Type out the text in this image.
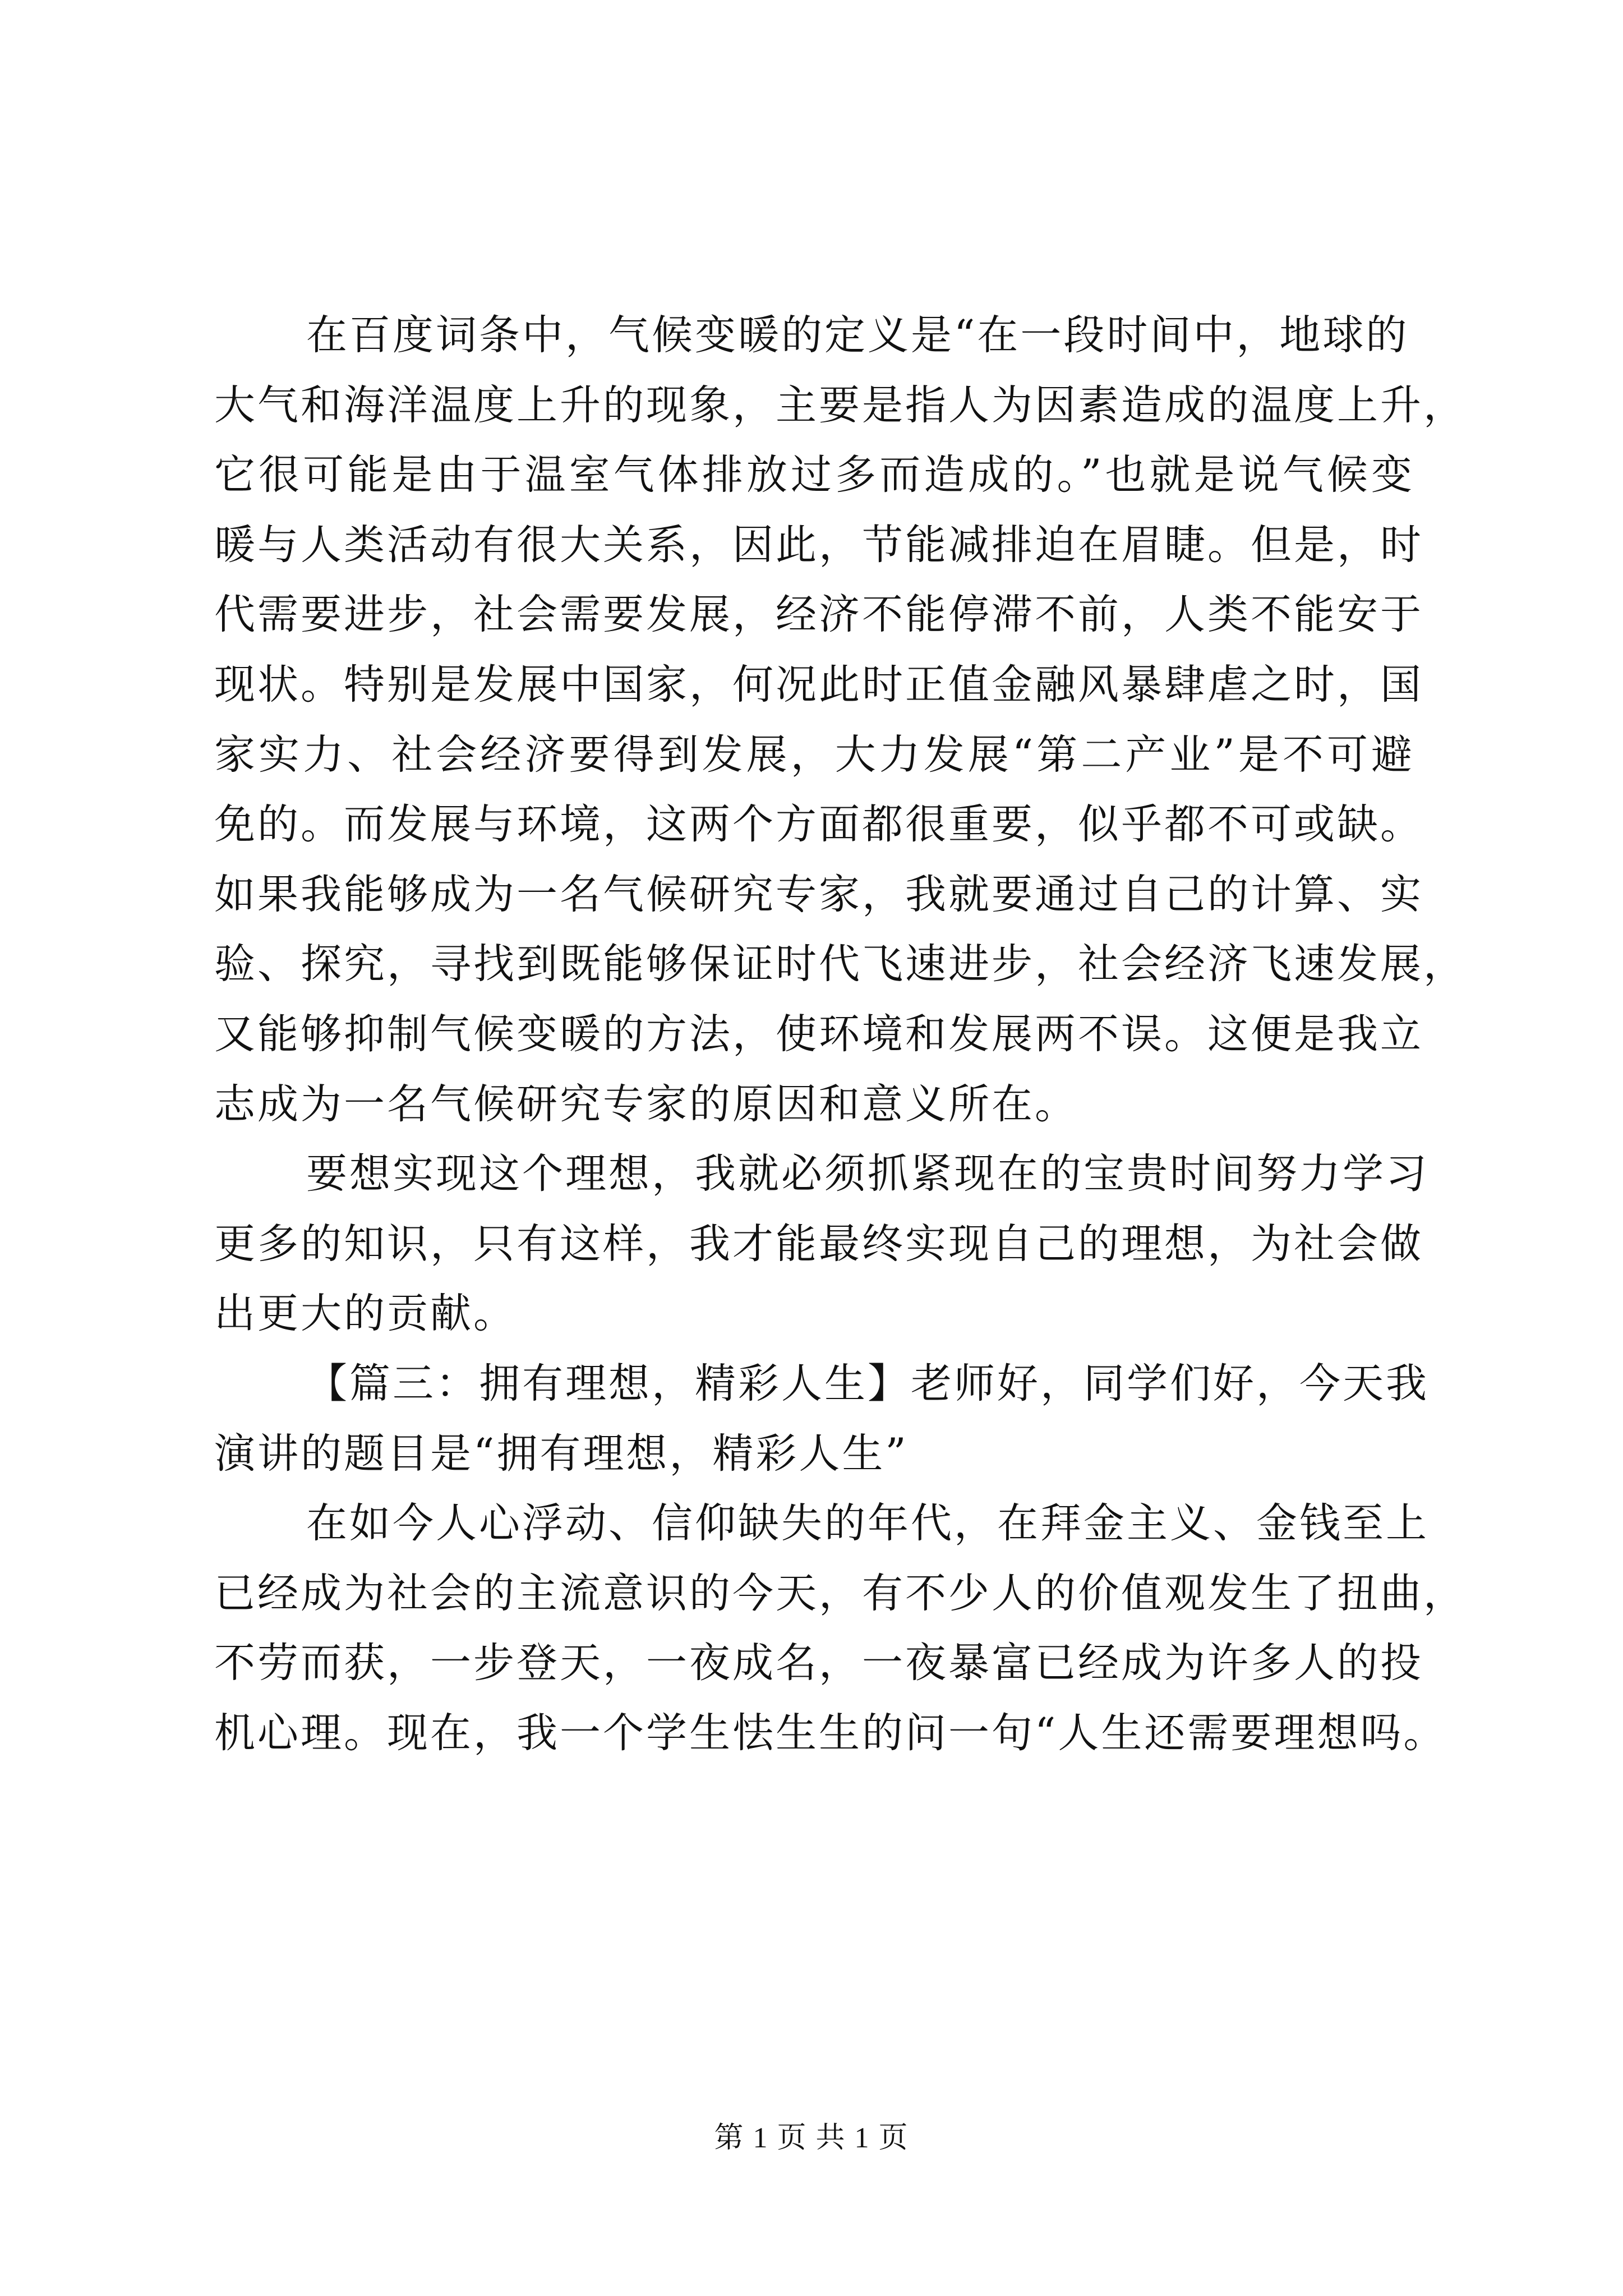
在百度词条中，气候变暖的定义是“在一段时间中，地球的
大气和海洋温度上升的现象，主要是指人为因素造成的温度上升，
它很可能是由于温室气体排放过多而造成的。”也就是说气候变
暖与人类活动有很大关系，因此，节能减排迫在眉睫。但是，时
代需要进步，社会需要发展，经济不能停滞不前，人类不能安于
现状。特别是发展中国家，何况此时正值金融风暴肆虐之时，国
家实力、社会经济要得到发展，大力发展“第二产业”是不可避
免的。而发展与环境，这两个方面都很重要，似乎都不可或缺。
如果我能够成为一名气候研究专家，我就要通过自己的计算、实
验、探究，寻找到既能够保证时代飞速进步，社会经济飞速发展，
又能够抑制气候变暖的方法，使环境和发展两不误。这便是我立
志成为一名气候研究专家的原因和意义所在。
要想实现这个理想，我就必须抓紧现在的宝贵时间努力学习
更多的知识，只有这样，我才能最终实现自己的理想，为社会做
出更大的贡献。
【篇三：拥有理想，精彩人生】老师好，同学们好，今天我
演讲的题目是“拥有理想，精彩人生”
在如今人心浮动、信仰缺失的年代，在拜金主义、金钱至上
已经成为社会的主流意识的今天，有不少人的价值观发生了扭曲，
不劳而获，一步登天，一夜成名，一夜暴富已经成为许多人的投
机心理。现在，我一个学生怯生生的问一句“人生还需要理想吗。
第 1 页 共 1 页
